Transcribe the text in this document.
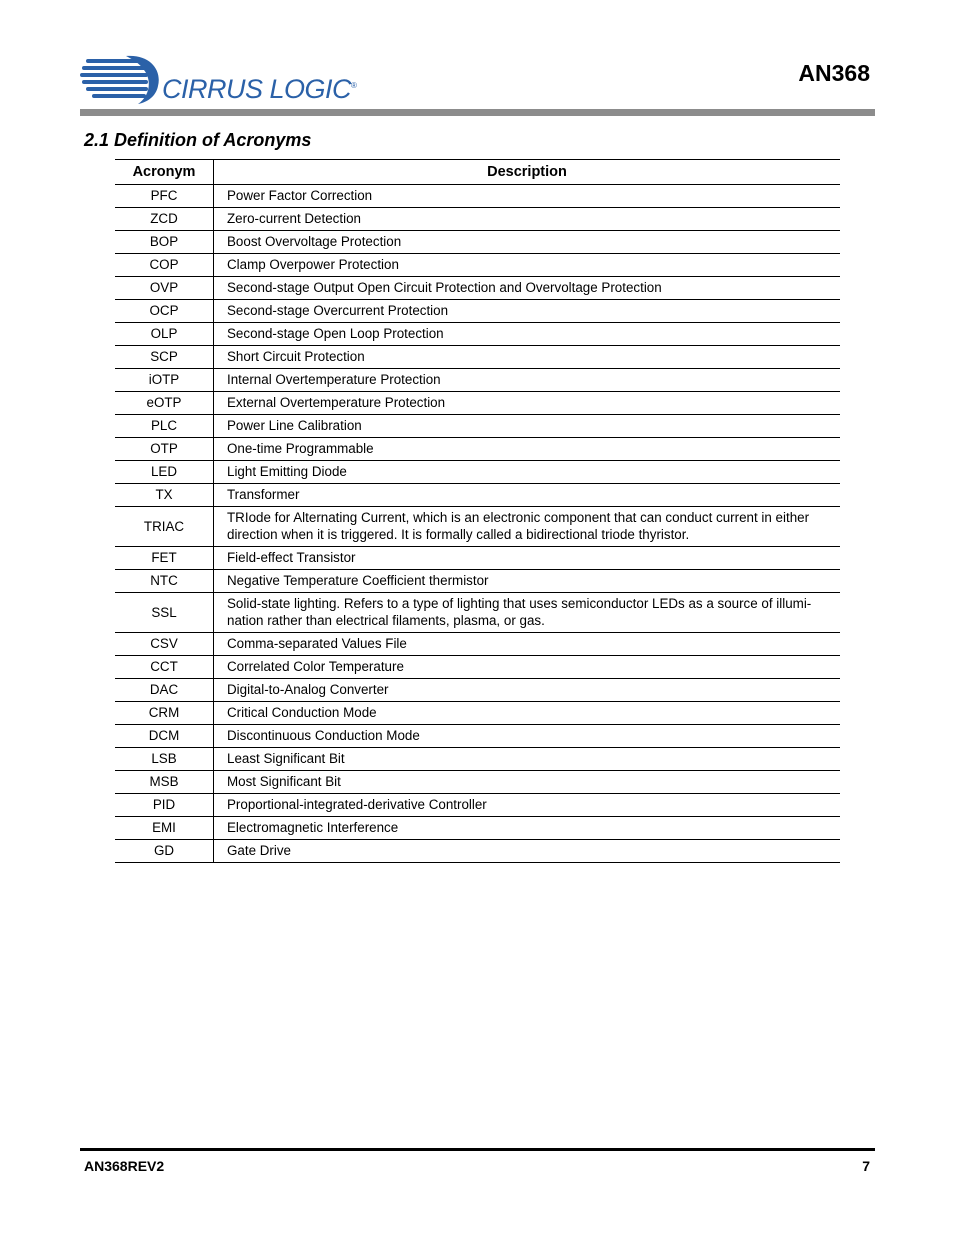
CIRRUS LOGIC®	AN368
2.1 Definition of Acronyms
Acronym	Description
PFC	Power Factor Correction
ZCD	Zero-current Detection
BOP	Boost Overvoltage Protection
COP	Clamp Overpower Protection
OVP	Second-stage Output Open Circuit Protection and Overvoltage Protection
OCP	Second-stage Overcurrent Protection
OLP	Second-stage Open Loop Protection
SCP	Short Circuit Protection
iOTP	Internal Overtemperature Protection
eOTP	External Overtemperature Protection
PLC	Power Line Calibration
OTP	One-time Programmable
LED	Light Emitting Diode
TX	Transformer
TRIAC	TRIode for Alternating Current, which is an electronic component that can conduct current in either direction when it is triggered. It is formally called a bidirectional triode thyristor.
FET	Field-effect Transistor
NTC	Negative Temperature Coefficient thermistor
SSL	Solid-state lighting. Refers to a type of lighting that uses semiconductor LEDs as a source of illumi-nation rather than electrical filaments, plasma, or gas.
CSV	Comma-separated Values File
CCT	Correlated Color Temperature
DAC	Digital-to-Analog Converter
CRM	Critical Conduction Mode
DCM	Discontinuous Conduction Mode
LSB	Least Significant Bit
MSB	Most Significant Bit
PID	Proportional-integrated-derivative Controller
EMI	Electromagnetic Interference
GD	Gate Drive
AN368REV2	7
